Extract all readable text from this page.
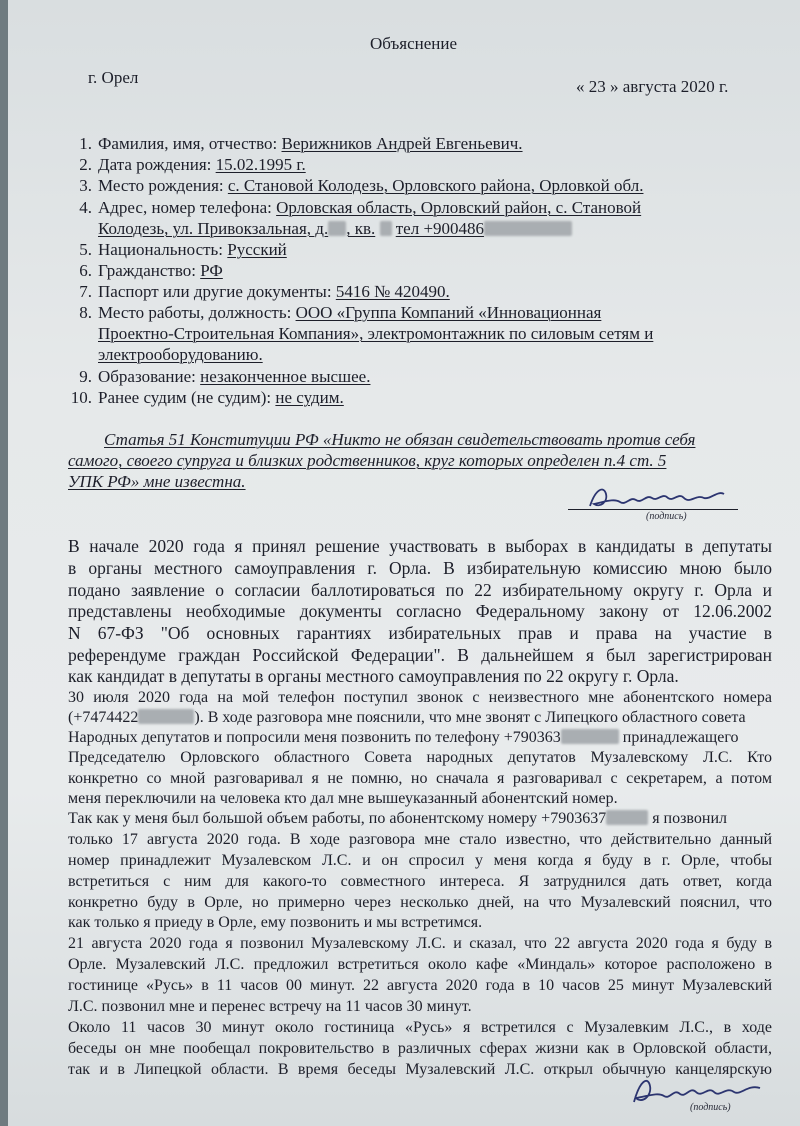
Объяснение
г. Орел	« 23 » августа 2020 г.
1. Фамилия, имя, отчество: Верижников Андрей Евгеньевич.
2. Дата рождения: 15.02.1995 г.
3. Место рождения: с. Становой Колодезь, Орловского района, Орловкой обл.
4. Адрес, номер телефона: Орловская область, Орловский район, с. Становой
Колодезь, ул. Привокзальная, д. , кв. тел +900486
5. Национальность: Русский
6. Гражданство: РФ
7. Паспорт или другие документы: 5416 № 420490.
8. Место работы, должность: ООО «Группа Компаний «Инновационная
Проектно-Строительная Компания», электромонтажник по силовым сетям и
электрооборудованию.
9. Образование: незаконченное высшее.
10. Ранее судим (не судим): не судим.
Статья 51 Конституции РФ «Никто не обязан свидетельствовать против себя
самого, своего супруга и близких родственников, круг которых определен п.4 ст. 5
УПК РФ» мне известна.
(подпись)
В начале 2020 года я принял решение участвовать в выборах в кандидаты в депутаты
в органы местного самоуправления г. Орла. В избирательную комиссию мною было
подано заявление о согласии баллотироваться по 22 избирательному округу г. Орла и
представлены необходимые документы согласно Федеральному закону от 12.06.2002
N 67-ФЗ "Об основных гарантиях избирательных прав и права на участие в
референдуме граждан Российской Федерации". В дальнейшем я был зарегистрирован
как кандидат в депутаты в органы местного самоуправления по 22 округу г. Орла.
30 июля 2020 года на мой телефон поступил звонок с неизвестного мне абонентского номера
(+7474422	). В ходе разговора мне пояснили, что мне звонят с Липецкого областного совета
Народных депутатов и попросили меня позвонить по телефону +790363	принадлежащего
Председателю Орловского областного Совета народных депутатов Музалевскому Л.С. Кто
конкретно со мной разговаривал я не помню, но сначала я разговаривал с секретарем, а потом
меня переключили на человека кто дал мне вышеуказанный абонентский номер.
Так как у меня был большой объем работы, по абонентскому номеру +7903637	я позвонил
только 17 августа 2020 года. В ходе разговора мне стало известно, что действительно данный
номер принадлежит Музалевском Л.С. и он спросил у меня когда я буду в г. Орле, чтобы
встретиться с ним для какого-то совместного интереса. Я затруднился дать ответ, когда
конкретно буду в Орле, но примерно через несколько дней, на что Музалевский пояснил, что
как только я приеду в Орле, ему позвонить и мы встретимся.
21 августа 2020 года я позвонил Музалевскому Л.С. и сказал, что 22 августа 2020 года я буду в
Орле. Музалевский Л.С. предложил встретиться около кафе «Миндаль» которое расположено в
гостинице «Русь» в 11 часов 00 минут. 22 августа 2020 года в 10 часов 25 минут Музалевский
Л.С. позвонил мне и перенес встречу на 11 часов 30 минут.
Около 11 часов 30 минут около гостиница «Русь» я встретился с Музалевким Л.С., в ходе
беседы он мне пообещал покровительство в различных сферах жизни как в Орловской области,
так и в Липецкой области. В время беседы Музалевский Л.С. открыл обычную канцелярскую
(подпись)
